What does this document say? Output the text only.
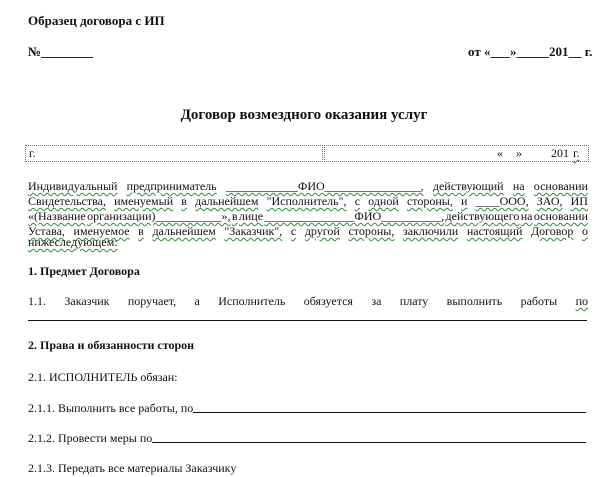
Образец договора с ИП
№________	от «___»_____201__ г.
Договор возмездного оказания услуг
г.	« » 201 г.
Индивидуальный предприниматель ____________ФИО________________, действующий на основании
Свидетельства, именуемый в дальнейшем "Исполнитель", с одной стороны, и ____ООО, ЗАО, ИП
«(Название организации)___________», в лице _______________ФИО__________, действующего на основании
Устава, именуемое в дальнейшем "Заказчик", с другой стороны, заключили настоящий Договор о
нижеследующем:
1. Предмет Договора
1.1. Заказчик поручает, а Исполнитель обязуется за плату выполнить работы по
2. Права и обязанности сторон
2.1. ИСПОЛНИТЕЛЬ обязан:
2.1.1. Выполнить все работы, по
2.1.2. Провести меры по
2.1.3. Передать все материалы Заказчику
